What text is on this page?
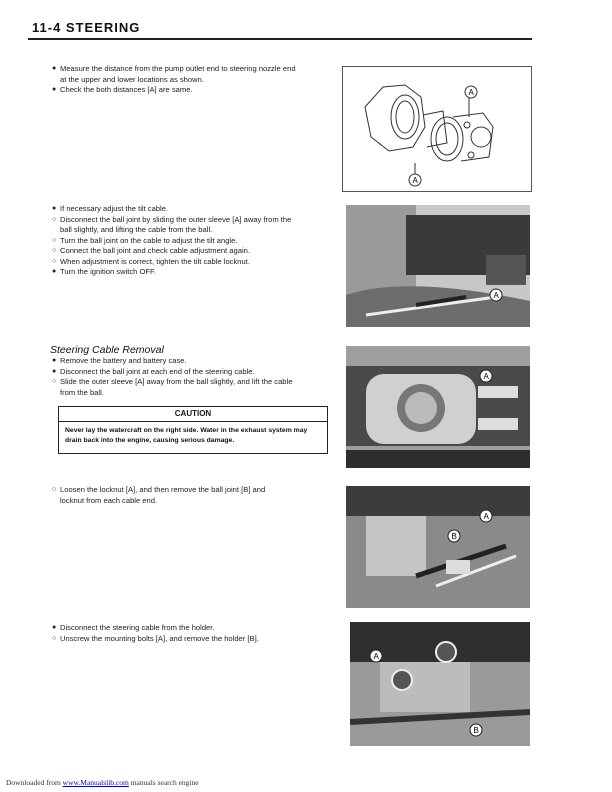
11-4 STEERING
● Measure the distance from the pump outlet end to steering nozzle end
at the upper and lower locations as shown.
● Check the both distances [A] are same.	A
A
● If necessary adjust the tilt cable.
○ Disconnect the ball joint by sliding the outer sleeve [A] away from the
ball slightly, and lifting the cable from the ball.
○ Turn the ball joint on the cable to adjust the tilt angle.
○ Connect the ball joint and check cable adjustment again.
○ When adjustment is correct, tighten the tilt cable locknut.
● Turn the ignition switch OFF.
A
Steering Cable Removal
● Remove the battery and battery case.
● Disconnect the ball joint at each end of the steering cable.
○ Slide the outer sleeve [A] away from the ball slightly, and lift the cable
from the ball.
CAUTION
Never lay the watercraft on the right side. Water in the exhaust system may drain back into the engine, causing serious damage.
A
○ Loosen the locknut [A], and then remove the ball joint [B] and
locknut from each cable end.
A
B
● Disconnect the steering cable from the holder.
○ Unscrew the mounting bolts [A], and remove the holder [B].
A
B
Downloaded from www.Manualslib.com manuals search engine
